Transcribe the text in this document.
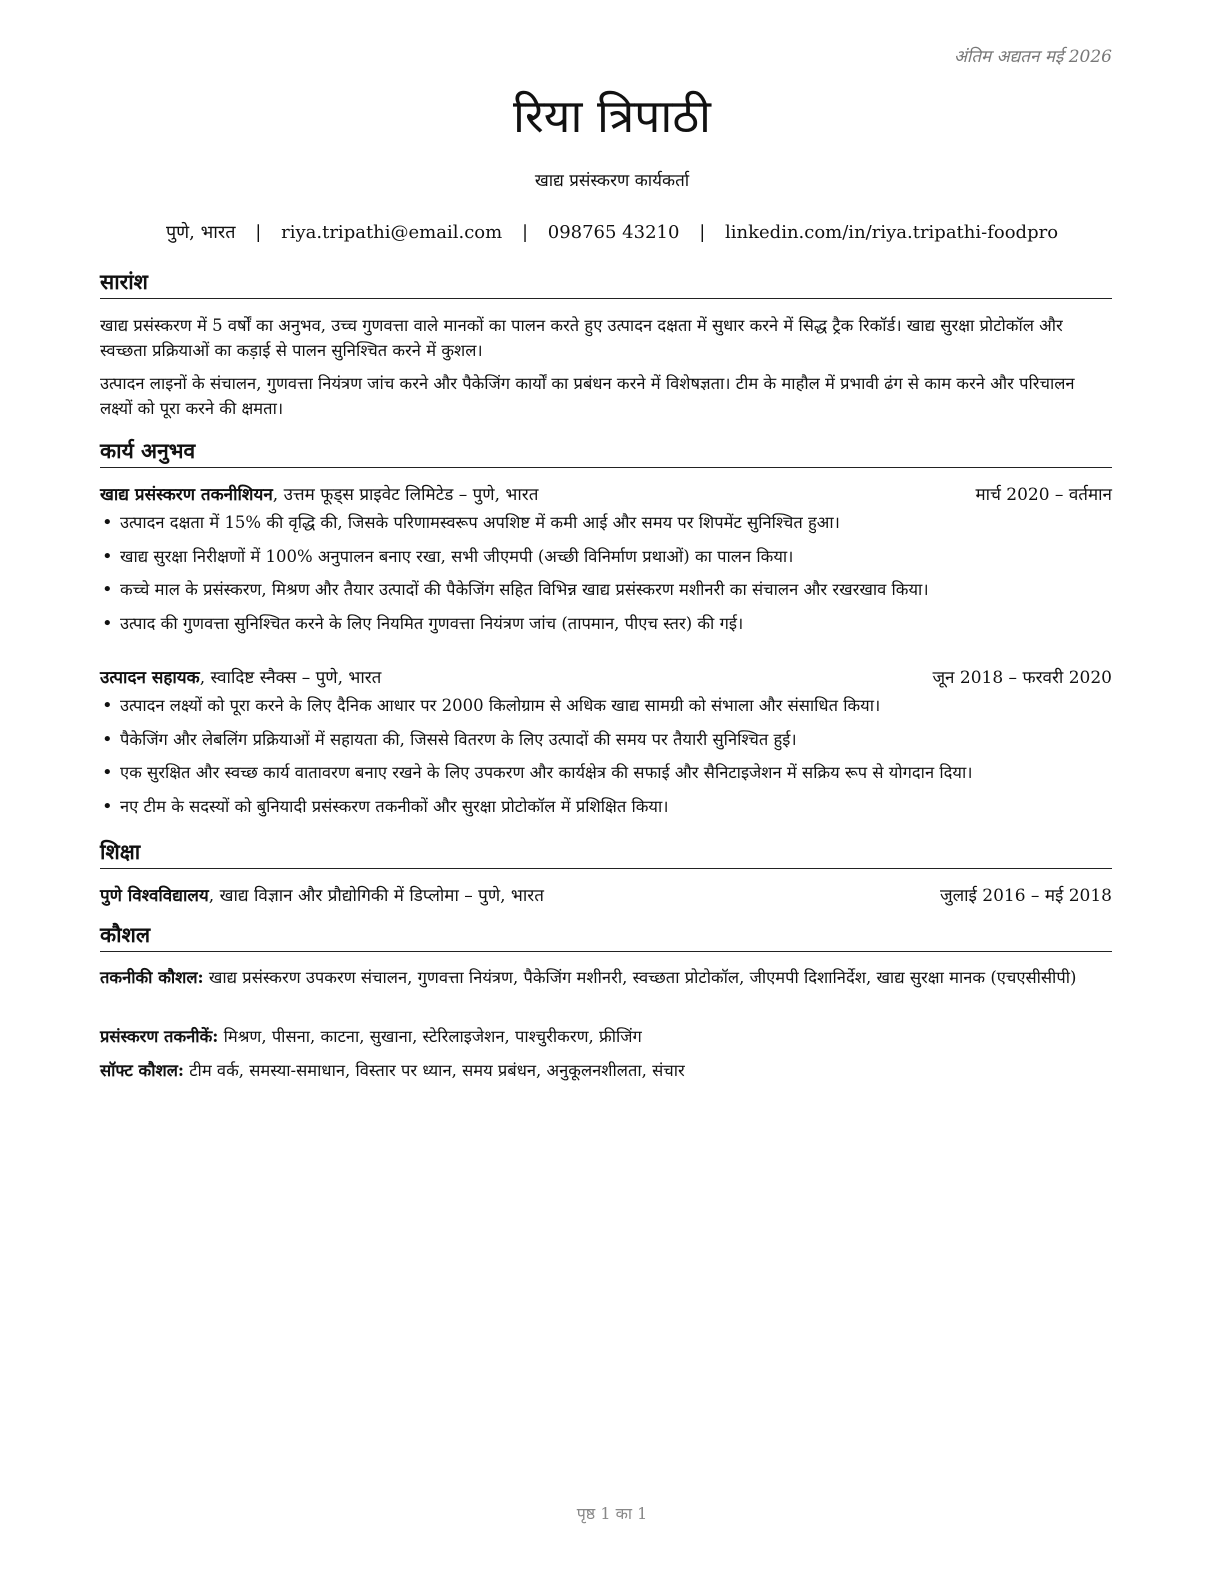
अंतिम अद्यतन मई 2026
रिया त्रिपाठी
खाद्य प्रसंस्करण कार्यकर्ता
पुणे, भारत | riya.tripathi@email.com | 098765 43210 | linkedin.com/in/riya.tripathi-foodpro
सारांश
खाद्य प्रसंस्करण में 5 वर्षों का अनुभव, उच्च गुणवत्ता वाले मानकों का पालन करते हुए उत्पादन दक्षता में सुधार करने में सिद्ध ट्रैक रिकॉर्ड। खाद्य सुरक्षा प्रोटोकॉल और स्वच्छता प्रक्रियाओं का कड़ाई से पालन सुनिश्चित करने में कुशल।
उत्पादन लाइनों के संचालन, गुणवत्ता नियंत्रण जांच करने और पैकेजिंग कार्यों का प्रबंधन करने में विशेषज्ञता। टीम के माहौल में प्रभावी ढंग से काम करने और परिचालन लक्ष्यों को पूरा करने की क्षमता।
कार्य अनुभव
खाद्य प्रसंस्करण तकनीशियन, उत्तम फूड्स प्राइवेट लिमिटेड – पुणे, भारत	मार्च 2020 – वर्तमान
• उत्पादन दक्षता में 15% की वृद्धि की, जिसके परिणामस्वरूप अपशिष्ट में कमी आई और समय पर शिपमेंट सुनिश्चित हुआ।
• खाद्य सुरक्षा निरीक्षणों में 100% अनुपालन बनाए रखा, सभी जीएमपी (अच्छी विनिर्माण प्रथाओं) का पालन किया।
• कच्चे माल के प्रसंस्करण, मिश्रण और तैयार उत्पादों की पैकेजिंग सहित विभिन्न खाद्य प्रसंस्करण मशीनरी का संचालन और रखरखाव किया।
• उत्पाद की गुणवत्ता सुनिश्चित करने के लिए नियमित गुणवत्ता नियंत्रण जांच (तापमान, पीएच स्तर) की गई।
उत्पादन सहायक, स्वादिष्ट स्नैक्स – पुणे, भारत	जून 2018 – फरवरी 2020
• उत्पादन लक्ष्यों को पूरा करने के लिए दैनिक आधार पर 2000 किलोग्राम से अधिक खाद्य सामग्री को संभाला और संसाधित किया।
• पैकेजिंग और लेबलिंग प्रक्रियाओं में सहायता की, जिससे वितरण के लिए उत्पादों की समय पर तैयारी सुनिश्चित हुई।
• एक सुरक्षित और स्वच्छ कार्य वातावरण बनाए रखने के लिए उपकरण और कार्यक्षेत्र की सफाई और सैनिटाइजेशन में सक्रिय रूप से योगदान दिया।
• नए टीम के सदस्यों को बुनियादी प्रसंस्करण तकनीकों और सुरक्षा प्रोटोकॉल में प्रशिक्षित किया।
शिक्षा
पुणे विश्वविद्यालय, खाद्य विज्ञान और प्रौद्योगिकी में डिप्लोमा – पुणे, भारत	जुलाई 2016 – मई 2018
कौशल
तकनीकी कौशल: खाद्य प्रसंस्करण उपकरण संचालन, गुणवत्ता नियंत्रण, पैकेजिंग मशीनरी, स्वच्छता प्रोटोकॉल, जीएमपी दिशानिर्देश, खाद्य सुरक्षा मानक (एचएसीसीपी)
प्रसंस्करण तकनीकें: मिश्रण, पीसना, काटना, सुखाना, स्टेरिलाइजेशन, पाश्चुरीकरण, फ्रीजिंग
सॉफ्ट कौशल: टीम वर्क, समस्या-समाधान, विस्तार पर ध्यान, समय प्रबंधन, अनुकूलनशीलता, संचार
पृष्ठ 1 का 1
